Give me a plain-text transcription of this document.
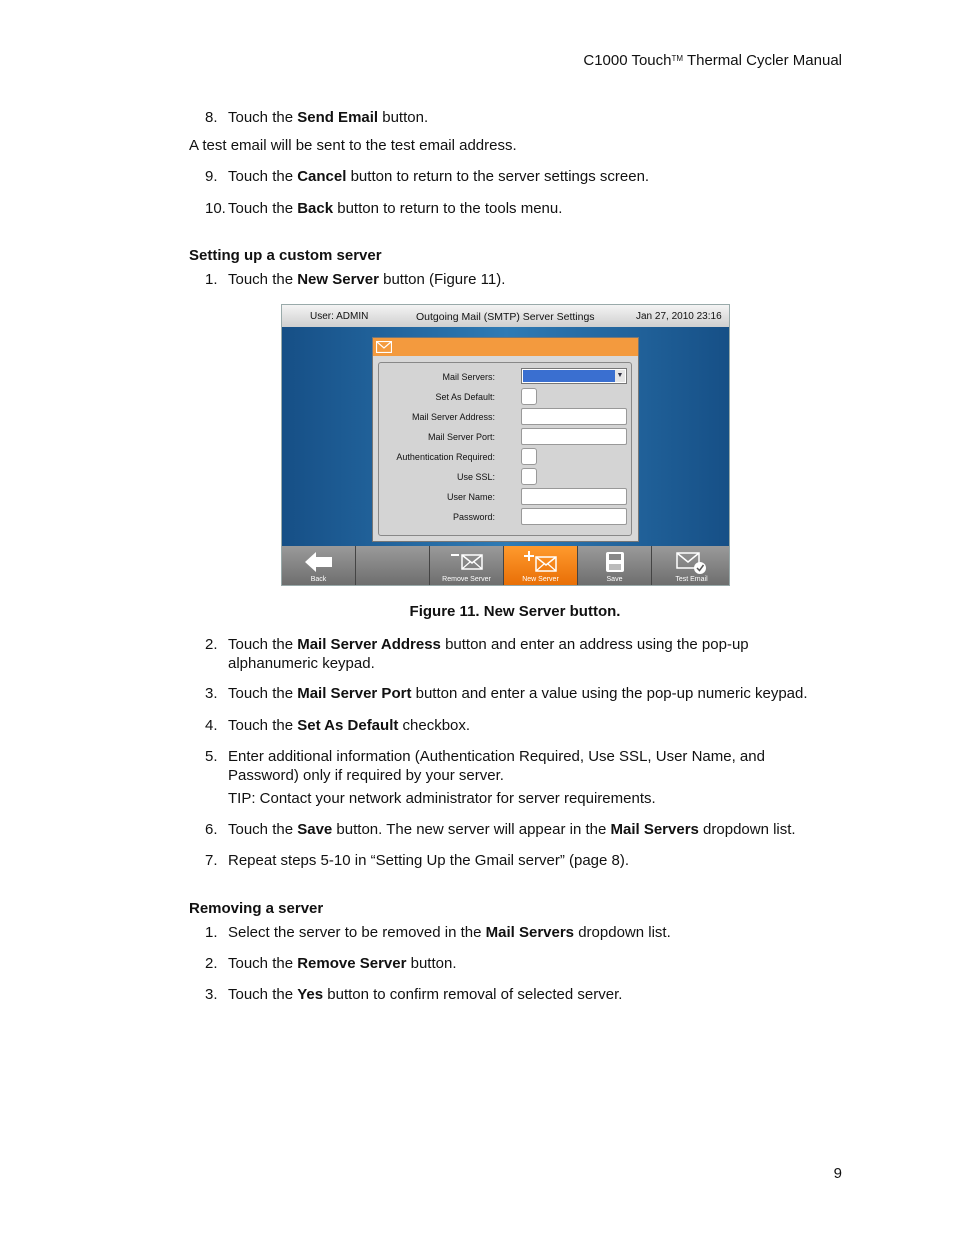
C1000 Touch™ Thermal Cycler Manual
8. Touch the Send Email button.
A test email will be sent to the test email address.
9. Touch the Cancel button to return to the server settings screen.
10. Touch the Back button to return to the tools menu.
Setting up a custom server
1. Touch the New Server button (Figure 11).
User: ADMIN	Outgoing Mail (SMTP) Server Settings	Jan 27, 2010 23:16
Mail Servers:	▼
Set As Default:
Mail Server Address:
Mail Server Port:
Authentication Required:
Use SSL:
User Name:
Password:
Back	Remove Server	New Server	Save	Test Email
Figure 11. New Server button.
2. Touch the Mail Server Address button and enter an address using the pop-up alphanumeric keypad.
3. Touch the Mail Server Port button and enter a value using the pop-up numeric keypad.
4. Touch the Set As Default checkbox.
5. Enter additional information (Authentication Required, Use SSL, User Name, and Password) only if required by your server.
TIP: Contact your network administrator for server requirements.
6. Touch the Save button. The new server will appear in the Mail Servers dropdown list.
7. Repeat steps 5-10 in “Setting Up the Gmail server” (page 8).
Removing a server
1. Select the server to be removed in the Mail Servers dropdown list.
2. Touch the Remove Server button.
3. Touch the Yes button to confirm removal of selected server.
9
